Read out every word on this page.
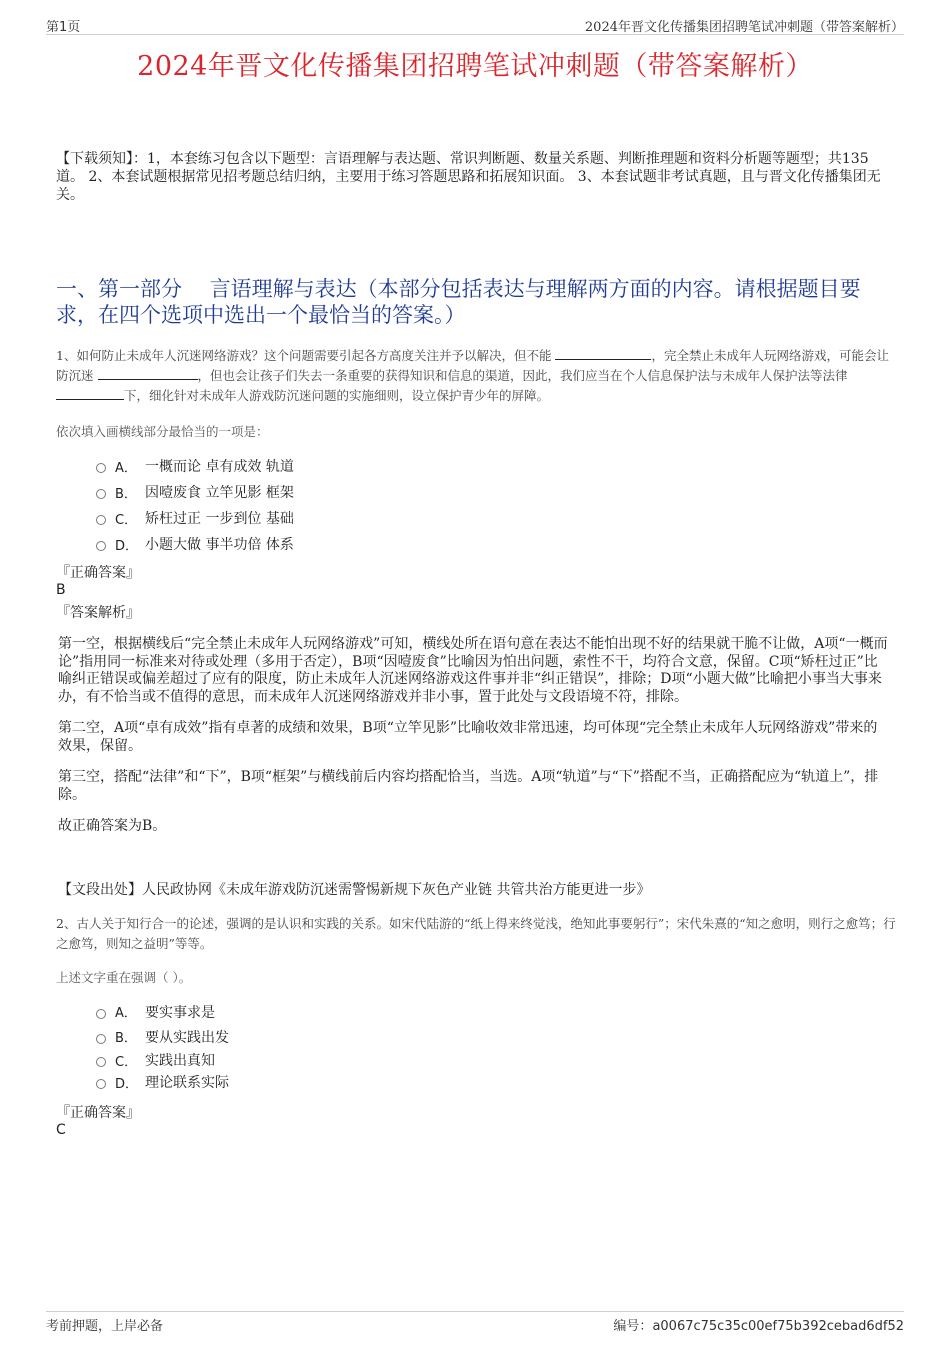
第1页	2024年晋文化传播集团招聘笔试冲刺题（带答案解析）
2024年晋文化传播集团招聘笔试冲刺题（带答案解析）
【下载须知】：1，本套练习包含以下题型：言语理解与表达题、常识判断题、数量关系题、判断推理题和资料分析题等题型；共135道。 2、本套试题根据常见招考题总结归纳，主要用于练习答题思路和拓展知识面。 3、本套试题非考试真题，且与晋文化传播集团无关。
一、第一部分　 言语理解与表达（本部分包括表达与理解两方面的内容。请根据题目要求，在四个选项中选出一个最恰当的答案。）
1、如何防止未成年人沉迷网络游戏？这个问题需要引起各方高度关注并予以解决，但不能	，完全禁止未成年人玩网络游戏，可能会让防沉迷	，但也会让孩子们失去一条重要的获得知识和信息的渠道，因此，我们应当在个人信息保护法与未成年人保护法等法律 下，细化针对未成年人游戏防沉迷问题的实施细则，设立保护青少年的屏障。
依次填入画横线部分最恰当的一项是：
A． 一概而论 卓有成效 轨道
B． 因噎废食 立竿见影 框架
C． 矫枉过正 一步到位 基础
D． 小题大做 事半功倍 体系
『正确答案』
B
『答案解析』

第一空，根据横线后“完全禁止未成年人玩网络游戏”可知，横线处所在语句意在表达不能怕出现不好的结果就干脆不让做，A项“一概而论”指用同一标准来对待或处理（多用于否定），B项“因噎废食”比喻因为怕出问题，索性不干，均符合文意，保留。C项“矫枉过正”比喻纠正错误或偏差超过了应有的限度，防止未成年人沉迷网络游戏这件事并非“纠正错误”，排除；D项“小题大做”比喻把小事当大事来办，有不恰当或不值得的意思，而未成年人沉迷网络游戏并非小事，置于此处与文段语境不符，排除。

第二空，A项“卓有成效”指有卓著的成绩和效果，B项“立竿见影”比喻收效非常迅速，均可体现“完全禁止未成年人玩网络游戏”带来的效果，保留。

第三空，搭配“法律”和“下”，B项“框架”与横线前后内容均搭配恰当，当选。A项“轨道”与“下”搭配不当，正确搭配应为“轨道上”，排除。

故正确答案为B。

【文段出处】人民政协网《未成年游戏防沉迷需警惕新规下灰色产业链 共管共治方能更进一步》
2、古人关于知行合一的论述，强调的是认识和实践的关系。如宋代陆游的“纸上得来终觉浅，绝知此事要躬行”；宋代朱熹的“知之愈明，则行之愈笃；行之愈笃，则知之益明”等等。
上述文字重在强调（ ）。
A． 要实事求是
B． 要从实践出发
C． 实践出真知
D． 理论联系实际
『正确答案』
C
考前押题，上岸必备	编号：a0067c75c35c00ef75b392cebad6df52
